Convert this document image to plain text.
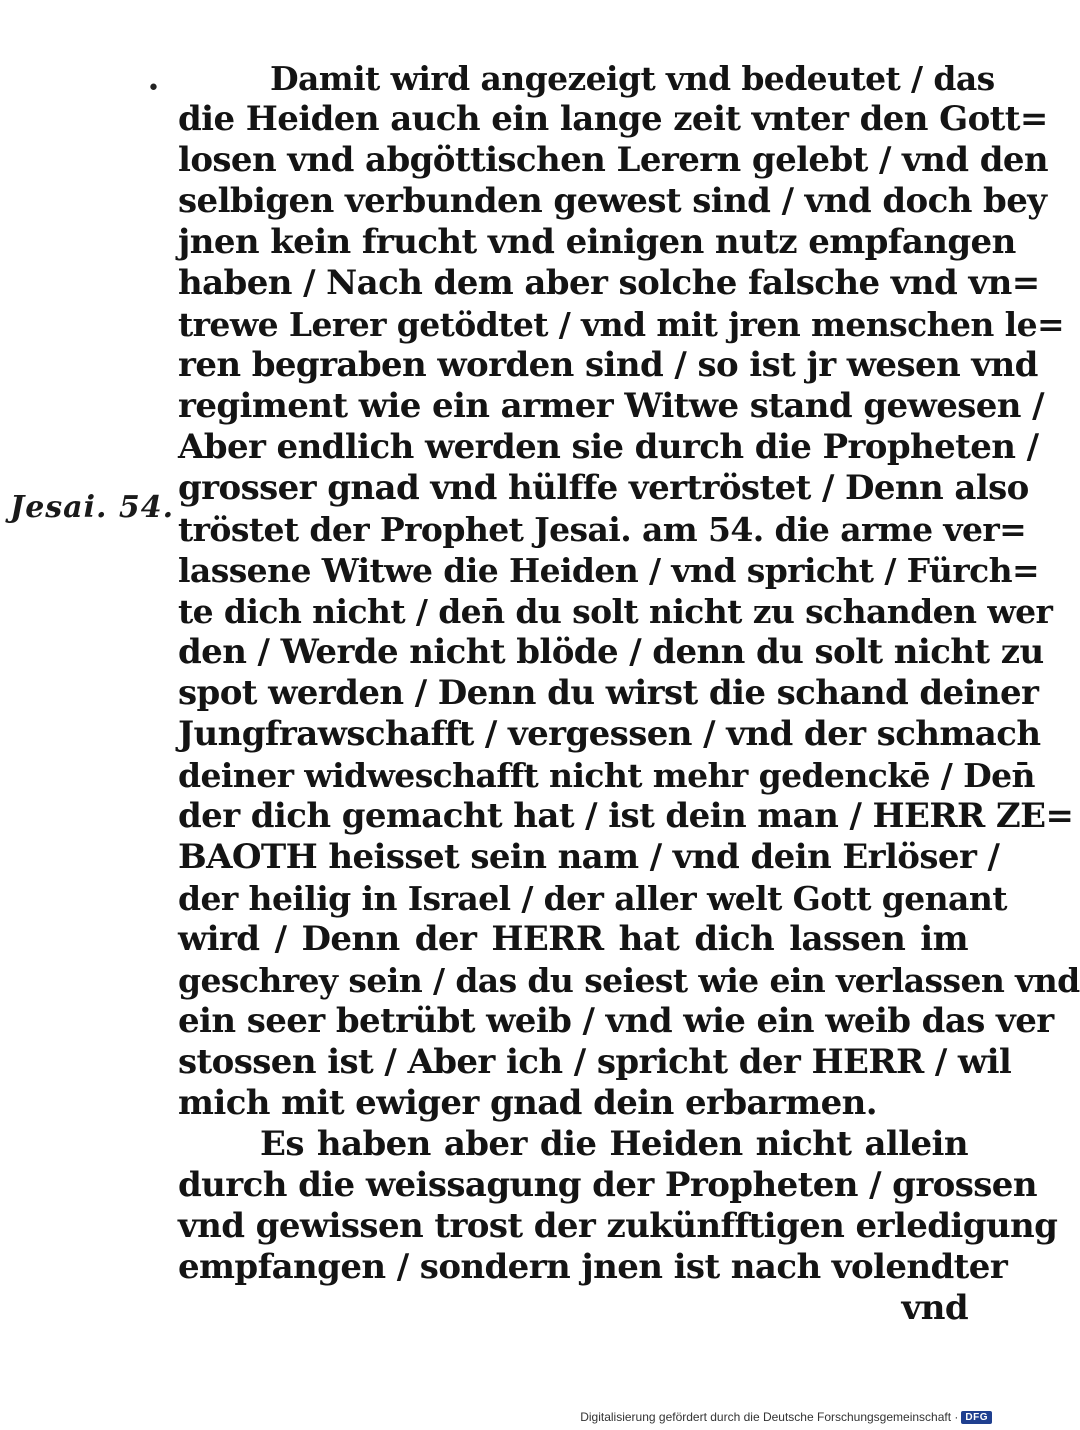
•
Jesai. 54.
Damit wird angezeigt vnd bedeutet / das
die Heiden auch ein lange zeit vnter den Gott=
losen vnd abgöttischen Lerern gelebt / vnd den
selbigen verbunden gewest sind / vnd doch bey
jnen kein frucht vnd einigen nutz empfangen
haben / Nach dem aber solche falsche vnd vn=
trewe Lerer getödtet / vnd mit jren menschen le=
ren begraben worden sind / so ist jr wesen vnd
regiment wie ein armer Witwe stand gewesen /
Aber endlich werden sie durch die Propheten /
grosser gnad vnd hülffe vertröstet / Denn also
tröstet der Prophet Jesai. am 54. die arme ver=
lassene Witwe die Heiden / vnd spricht / Fürch=
te dich nicht / den̄ du solt nicht zu schanden wer
den / Werde nicht blöde / denn du solt nicht zu
spot werden / Denn du wirst die schand deiner
Jungfrawschafft / vergessen / vnd der schmach
deiner widweschafft nicht mehr gedenckē / Den̄
der dich gemacht hat / ist dein man / HERR ZE=
BAOTH heisset sein nam / vnd dein Erlöser /
der heilig in Israel / der aller welt Gott genant
wird / Denn der HERR hat dich lassen im
geschrey sein / das du seiest wie ein verlassen vnd
ein seer betrübt weib / vnd wie ein weib das ver
stossen ist / Aber ich / spricht der HERR / wil
mich mit ewiger gnad dein erbarmen.
Es haben aber die Heiden nicht allein
durch die weissagung der Propheten / grossen
vnd gewissen trost der zukünfftigen erledigung
empfangen / sondern jnen ist nach volendter
vnd
Digitalisierung gefördert durch die Deutsche Forschungsgemeinschaft · DFG
